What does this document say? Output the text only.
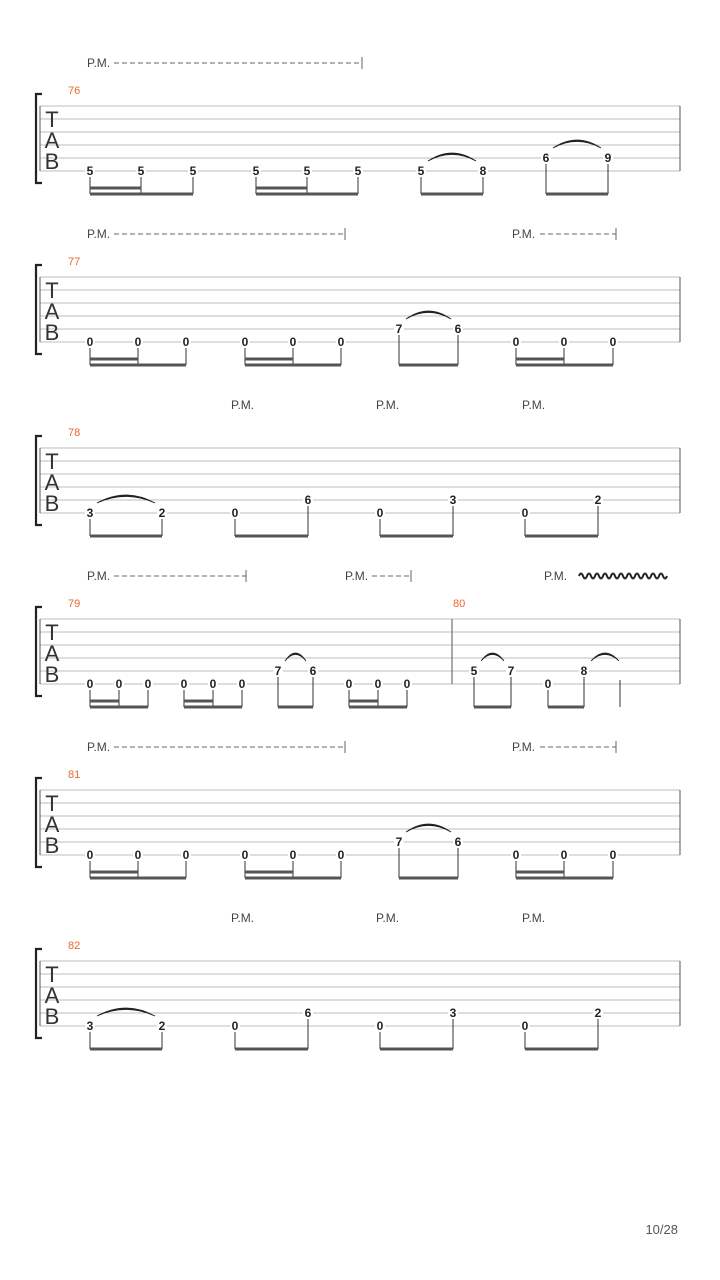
T
A
B
76
P.M.
5	5	5	5	5	5	5	8
6	9
T
A
B
77
P.M.	P.M.
0	0	0	0	0	0
7	6
0	0	0
T
A
B
78
P.M.	P.M.	P.M.
3	2	0
6
0
3
0
2
T
A
B
79	80
P.M.	P.M.	P.M.
0 0 0 0 0 0
7 6
0 0 0
5	7
0
8
T
A
B
81
P.M.	P.M.
0	0	0	0	0	0
7	6
0	0	0
T
A
B
82
P.M.	P.M.	P.M.
3	2	0
6
0
3
0
2
10/28
